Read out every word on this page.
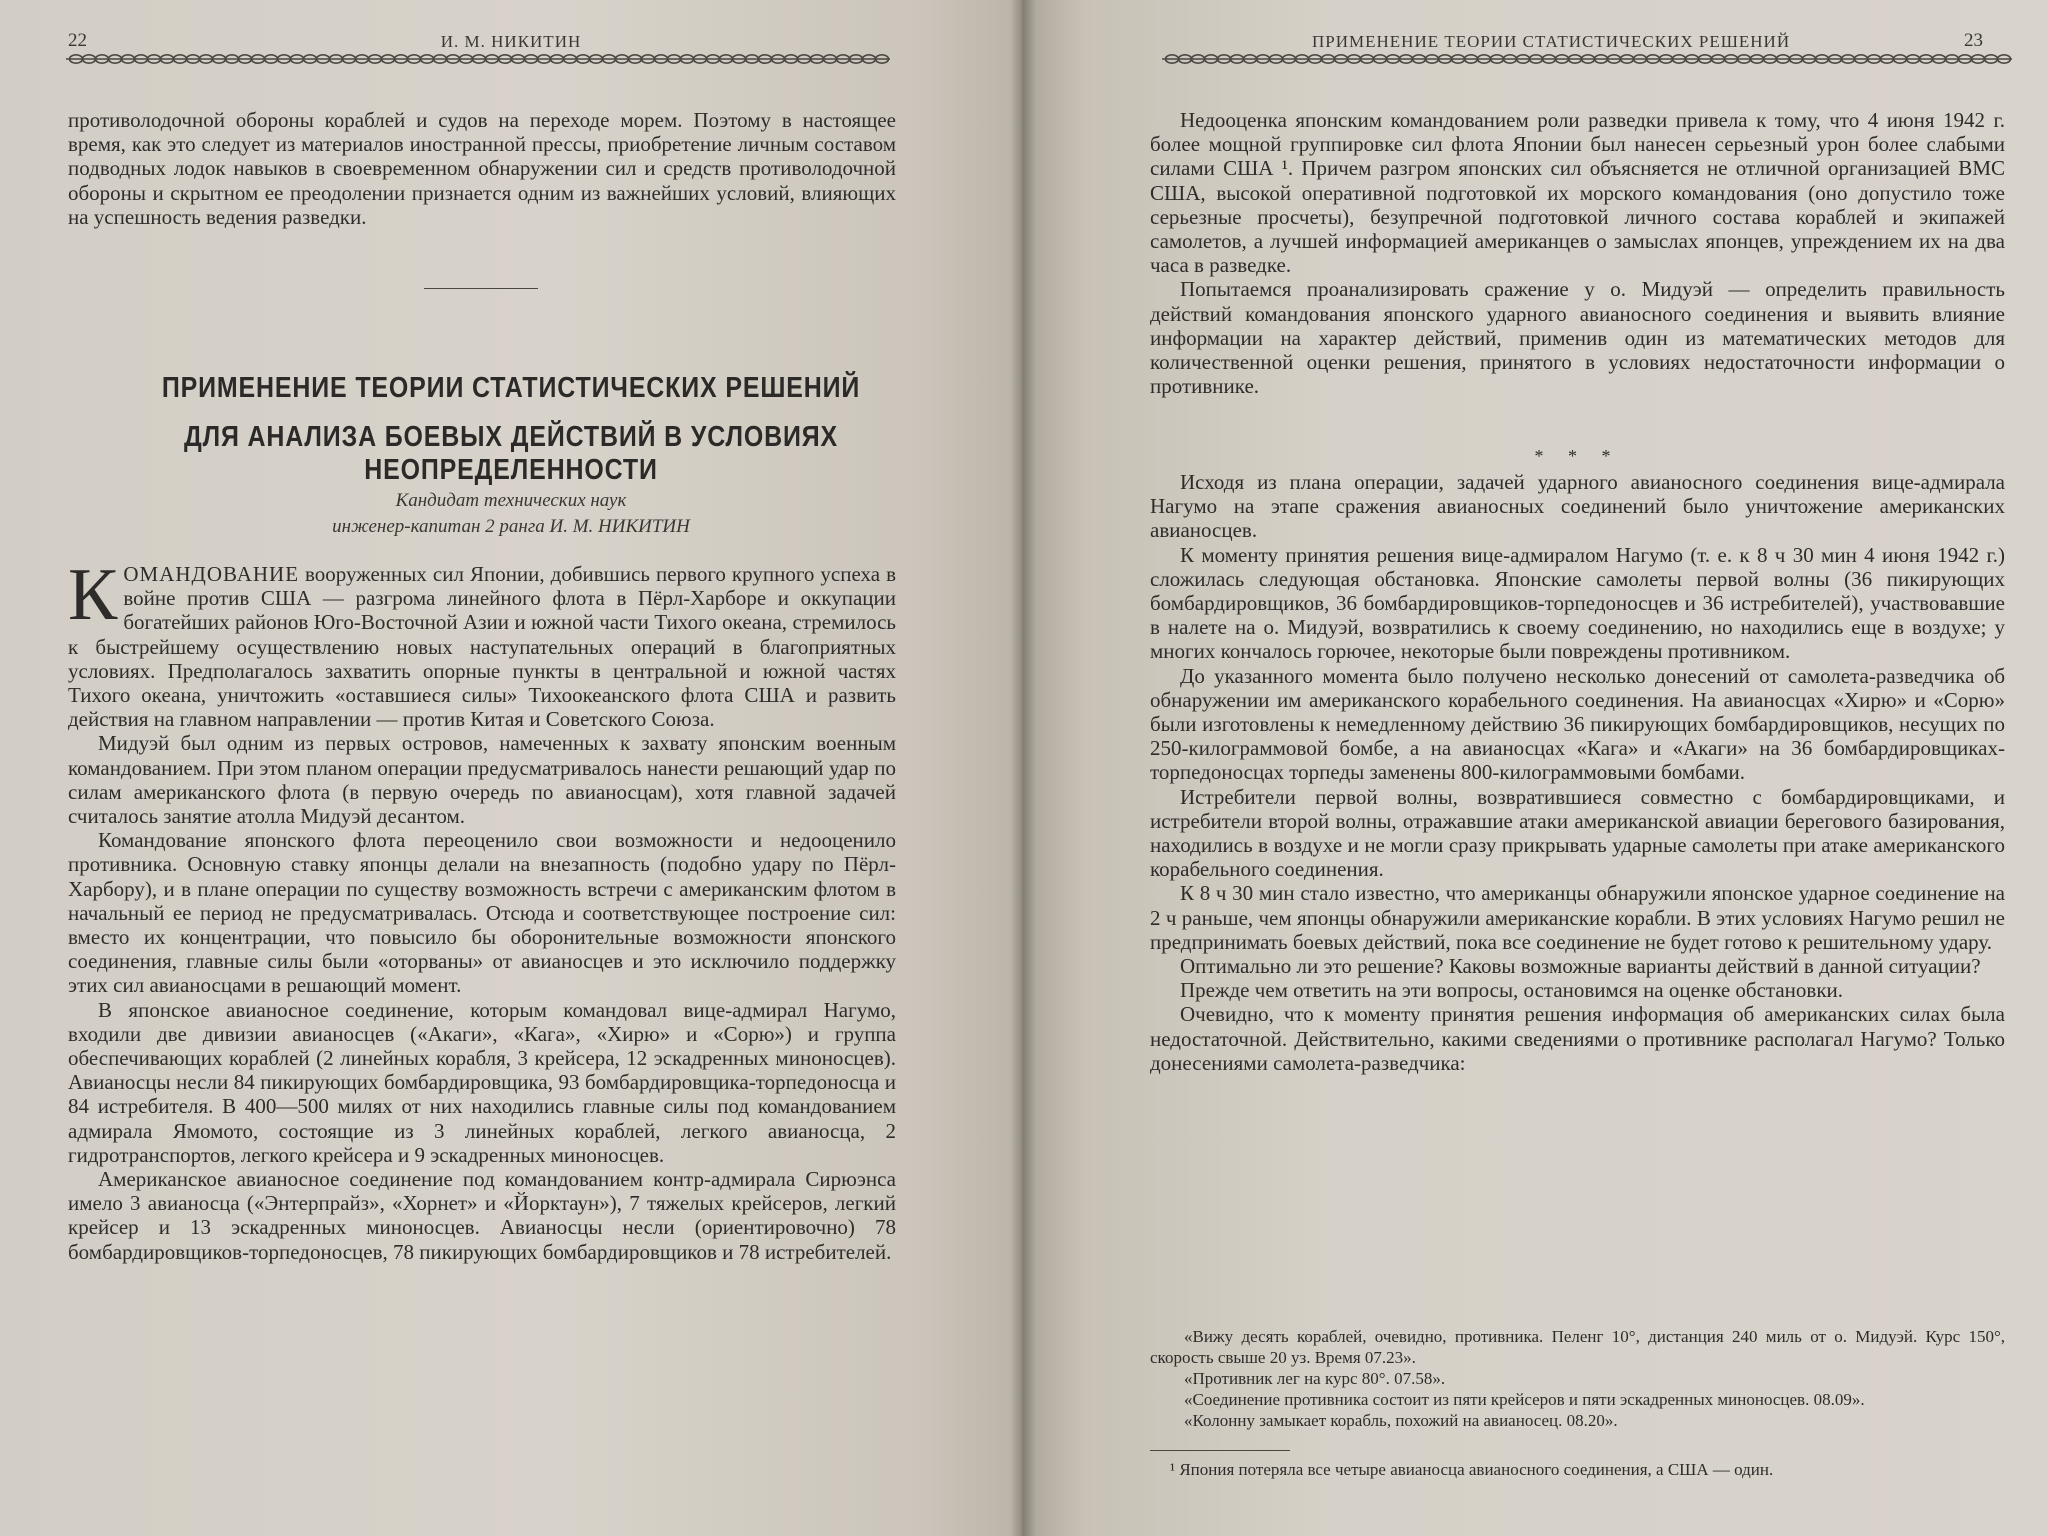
22	И. М. НИКИТИН

противолодочной обороны кораблей и судов на переходе морем. Поэтому в настоящее время, как это следует из материалов иностранной прессы, приобретение личным составом подводных лодок навыков в своевременном обнаружении сил и средств противолодочной обороны и скрытном ее преодолении признается одним из важнейших условий, влияющих на успешность ведения разведки.

ПРИМЕНЕНИЕ ТЕОРИИ СТАТИСТИЧЕСКИХ РЕШЕНИЙ
ДЛЯ АНАЛИЗА БОЕВЫХ ДЕЙСТВИЙ В УСЛОВИЯХ НЕОПРЕДЕЛЕННОСТИ
Кандидат технических наук
инженер-капитан 2 ранга И. М. НИКИТИН

КОМАНДОВАНИЕ вооруженных сил Японии, добившись первого крупного успеха в войне против США — разгрома линейного флота в Пёрл-Харборе и оккупации богатейших районов Юго-Восточной Азии и южной части Тихого океана, стремилось к быстрейшему осуществлению новых наступательных операций в благоприятных условиях. Предполагалось захватить опорные пункты в центральной и южной частях Тихого океана, уничтожить «оставшиеся силы» Тихоокеанского флота США и развить действия на главном направлении — против Китая и Советского Союза.

Мидуэй был одним из первых островов, намеченных к захвату японским военным командованием. При этом планом операции предусматривалось нанести решающий удар по силам американского флота (в первую очередь по авианосцам), хотя главной задачей считалось занятие атолла Мидуэй десантом.

Командование японского флота переоценило свои возможности и недооценило противника. Основную ставку японцы делали на внезапность (подобно удару по Пёрл-Харбору), и в плане операции по существу возможность встречи с американским флотом в начальный ее период не предусматривалась. Отсюда и соответствующее построение сил: вместо их концентрации, что повысило бы оборонительные возможности японского соединения, главные силы были «оторваны» от авианосцев и это исключило поддержку этих сил авианосцами в решающий момент.

В японское авианосное соединение, которым командовал вице-адмирал Нагумо, входили две дивизии авианосцев («Акаги», «Кага», «Хирю» и «Сорю») и группа обеспечивающих кораблей (2 линейных корабля, 3 крейсера, 12 эскадренных миноносцев). Авианосцы несли 84 пикирующих бомбардировщика, 93 бомбардировщика-торпедоносца и 84 истребителя. В 400—500 милях от них находились главные силы под командованием адмирала Ямомото, состоящие из 3 линейных кораблей, легкого авианосца, 2 гидротранспортов, легкого крейсера и 9 эскадренных миноносцев.

Американское авианосное соединение под командованием контр-адмирала Сирюэнса имело 3 авианосца («Энтерпрайз», «Хорнет» и «Йорктаун»), 7 тяжелых крейсеров, легкий крейсер и 13 эскадренных миноносцев. Авианосцы несли (ориентировочно) 78 бомбардировщиков-торпедоносцев, 78 пикирующих бомбардировщиков и 78 истребителей.

ПРИМЕНЕНИЕ ТЕОРИИ СТАТИСТИЧЕСКИХ РЕШЕНИЙ	23

Недооценка японским командованием роли разведки привела к тому, что 4 июня 1942 г. более мощной группировке сил флота Японии был нанесен серьезный урон более слабыми силами США ¹. Причем разгром японских сил объясняется не отличной организацией ВМС США, высокой оперативной подготовкой их морского командования (оно допустило тоже серьезные просчеты), безупречной подготовкой личного состава кораблей и экипажей самолетов, а лучшей информацией американцев о замыслах японцев, упреждением их на два часа в разведке.

Попытаемся проанализировать сражение у о. Мидуэй — определить правильность действий командования японского ударного авианосного соединения и выявить влияние информации на характер действий, применив один из математических методов для количественной оценки решения, принятого в условиях недостаточности информации о противнике.

* * *

Исходя из плана операции, задачей ударного авианосного соединения вице-адмирала Нагумо на этапе сражения авианосных соединений было уничтожение американских авианосцев.

К моменту принятия решения вице-адмиралом Нагумо (т. е. к 8 ч 30 мин 4 июня 1942 г.) сложилась следующая обстановка. Японские самолеты первой волны (36 пикирующих бомбардировщиков, 36 бомбардировщиков-торпедоносцев и 36 истребителей), участвовавшие в налете на о. Мидуэй, возвратились к своему соединению, но находились еще в воздухе; у многих кончалось горючее, некоторые были повреждены противником.

До указанного момента было получено несколько донесений от самолета-разведчика об обнаружении им американского корабельного соединения. На авианосцах «Хирю» и «Сорю» были изготовлены к немедленному действию 36 пикирующих бомбардировщиков, несущих по 250-килограммовой бомбе, а на авианосцах «Кага» и «Акаги» на 36 бомбардировщиках-торпедоносцах торпеды заменены 800-килограммовыми бомбами.

Истребители первой волны, возвратившиеся совместно с бомбардировщиками, и истребители второй волны, отражавшие атаки американской авиации берегового базирования, находились в воздухе и не могли сразу прикрывать ударные самолеты при атаке американского корабельного соединения.

К 8 ч 30 мин стало известно, что американцы обнаружили японское ударное соединение на 2 ч раньше, чем японцы обнаружили американские корабли. В этих условиях Нагумо решил не предпринимать боевых действий, пока все соединение не будет готово к решительному удару.

Оптимально ли это решение? Каковы возможные варианты действий в данной ситуации?

Прежде чем ответить на эти вопросы, остановимся на оценке обстановки.

Очевидно, что к моменту принятия решения информация об американских силах была недостаточной. Действительно, какими сведениями о противнике располагал Нагумо? Только донесениями самолета-разведчика:

«Вижу десять кораблей, очевидно, противника. Пеленг 10°, дистанция 240 миль от о. Мидуэй. Курс 150°, скорость свыше 20 уз. Время 07.23».

«Противник лег на курс 80°. 07.58».

«Соединение противника состоит из пяти крейсеров и пяти эскадренных миноносцев. 08.09».

«Колонну замыкает корабль, похожий на авианосец. 08.20».

¹ Япония потеряла все четыре авианосца авианосного соединения, а США — один.
